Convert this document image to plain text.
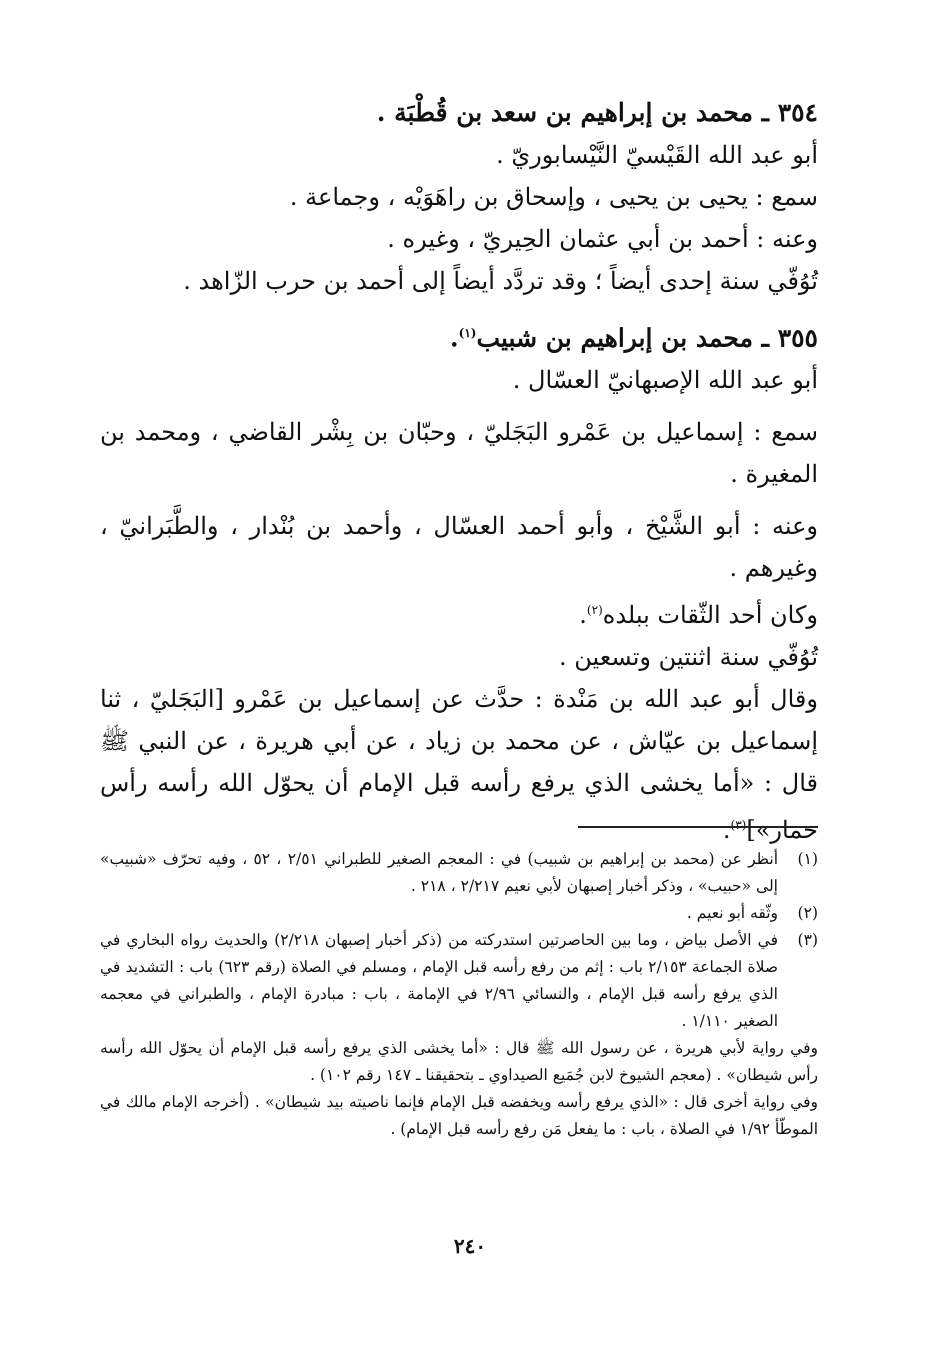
٣٥٤ ـ محمد بن إبراهيم بن سعد بن قُطْبَة .
أبو عبد الله القَيْسيّ النَّيْسابوريّ .
سمع : يحيى بن يحيى ، وإسحاق بن راهَوَيْه ، وجماعة .
وعنه : أحمد بن أبي عثمان الحِيريّ ، وغيره .
تُوُفّي سنة إحدى أيضاً ؛ وقد تردَّد أيضاً إلى أحمد بن حرب الزّاهد .
٣٥٥ ـ محمد بن إبراهيم بن شبيب$^{(١)}$.
أبو عبد الله الإصبهانيّ العسّال .
سمع : إسماعيل بن عَمْرو البَجَليّ ، وحبّان بن بِشْر القاضي ، ومحمد بن المغيرة .
وعنه : أبو الشَّيْخ ، وأبو أحمد العسّال ، وأحمد بن بُنْدار ، والطَّبَرانيّ ، وغيرهم .
وكان أحد الثّقات ببلده$^{(٢)}$.
تُوُفّي سنة اثنتين وتسعين .
وقال أبو عبد الله بن مَنْدة : حدَّث عن إسماعيل بن عَمْرو [البَجَليّ ، ثنا إسماعيل بن عيّاش ، عن محمد بن زياد ، عن أبي هريرة ، عن النبي ﷺ قال : «أما يخشى الذي يرفع رأسه قبل الإمام أن يحوّل الله رأسه رأس حمار»]$^{(٣)}$.
(١)
أنظر عن (محمد بن إبراهيم بن شبيب) في : المعجم الصغير للطبراني ٢/٥١ ، ٥٢ ، وفيه تحرّف «شبيب» إلى «حبيب» ، وذكر أخبار إصبهان لأبي نعيم ٢/٢١٧ ، ٢١٨ .
(٢)
وثّقه أبو نعيم .
(٣)
في الأصل بياض ، وما بين الحاصرتين استدركته من (ذكر أخبار إصبهان ٢/٢١٨) والحديث رواه البخاري في صلاة الجماعة ٢/١٥٣ باب : إثم من رفع رأسه قبل الإمام ، ومسلم في الصلاة (رقم ٦٢٣) باب : التشديد في الذي يرفع رأسه قبل الإمام ، والنسائي ٢/٩٦ في الإمامة ، باب : مبادرة الإمام ، والطبراني في معجمه الصغير ١/١١٠ .
وفي رواية لأبي هريرة ، عن رسول الله ﷺ قال : «أما يخشى الذي يرفع رأسه قبل الإمام أن يحوّل الله رأسه رأس شيطان» . (معجم الشيوخ لابن جُمَيع الصيداوي ـ بتحقيقنا ـ ١٤٧ رقم ١٠٢) .
وفي رواية أخرى قال : «الذي يرفع رأسه ويخفضه قبل الإمام فإنما ناصيته بيد شيطان» . (أخرجه الإمام مالك في الموطّأ ١/٩٢ في الصلاة ، باب : ما يفعل مَن رفع رأسه قبل الإمام) .
٢٤٠
